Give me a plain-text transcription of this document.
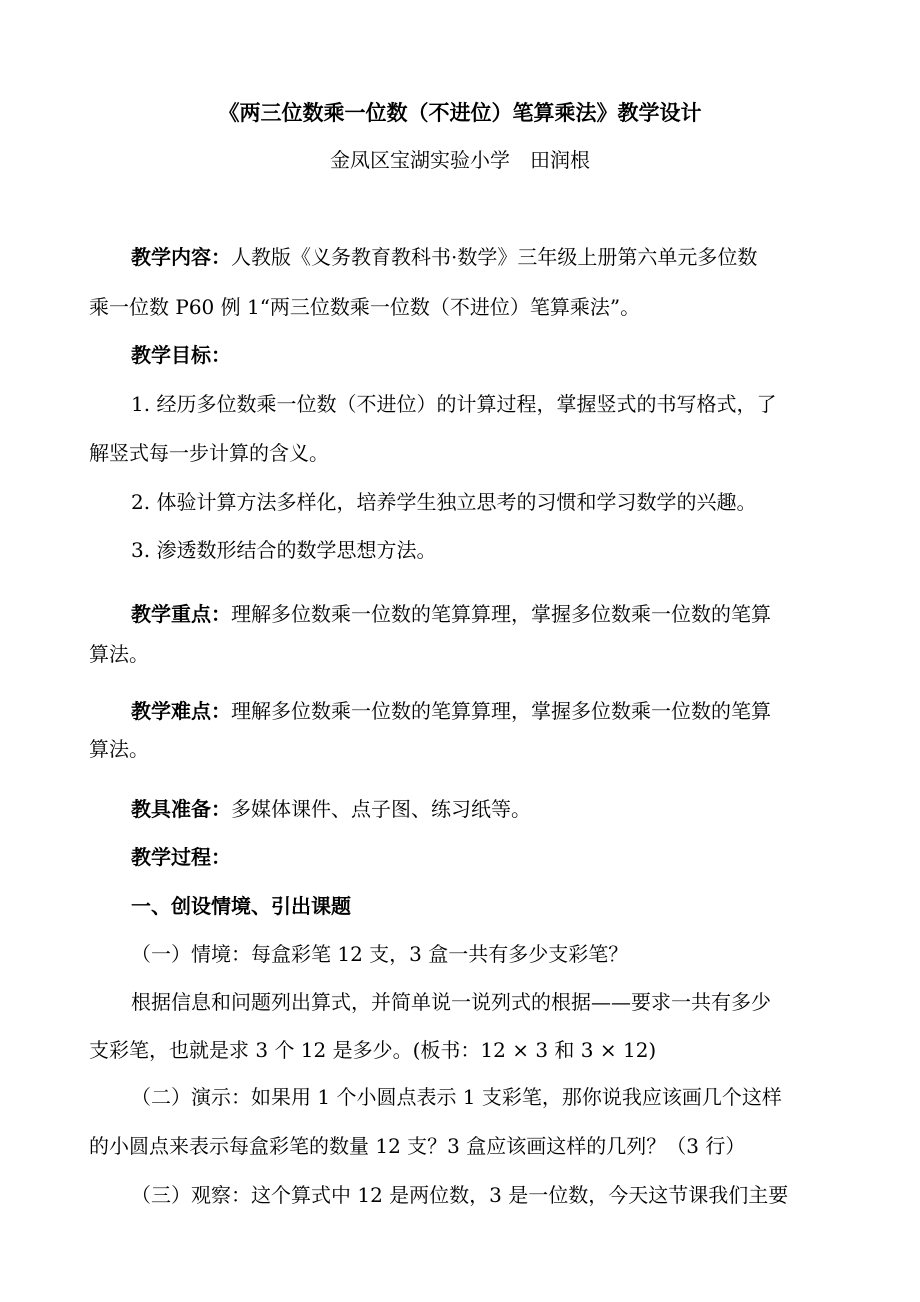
《两三位数乘一位数（不进位）笔算乘法》教学设计
金凤区宝湖实验小学　田润根
教学内容：人教版《义务教育教科书·数学》三年级上册第六单元多位数
乘一位数 P60 例 1“两三位数乘一位数（不进位）笔算乘法”。
教学目标：
1. 经历多位数乘一位数（不进位）的计算过程，掌握竖式的书写格式，了
解竖式每一步计算的含义。
2. 体验计算方法多样化，培养学生独立思考的习惯和学习数学的兴趣。
3. 渗透数形结合的数学思想方法。
教学重点：理解多位数乘一位数的笔算算理，掌握多位数乘一位数的笔算
算法。
教学难点：理解多位数乘一位数的笔算算理，掌握多位数乘一位数的笔算
算法。
教具准备：多媒体课件、点子图、练习纸等。
教学过程：
一、创设情境、引出课题
（一）情境：每盒彩笔 12 支，3 盒一共有多少支彩笔？
根据信息和问题列出算式，并简单说一说列式的根据——要求一共有多少
支彩笔，也就是求 3 个 12 是多少。(板书：12 × 3 和 3 × 12)
（二）演示：如果用 1 个小圆点表示 1 支彩笔，那你说我应该画几个这样
的小圆点来表示每盒彩笔的数量 12 支？3 盒应该画这样的几列？（3 行）
（三）观察：这个算式中 12 是两位数，3 是一位数，今天这节课我们主要
